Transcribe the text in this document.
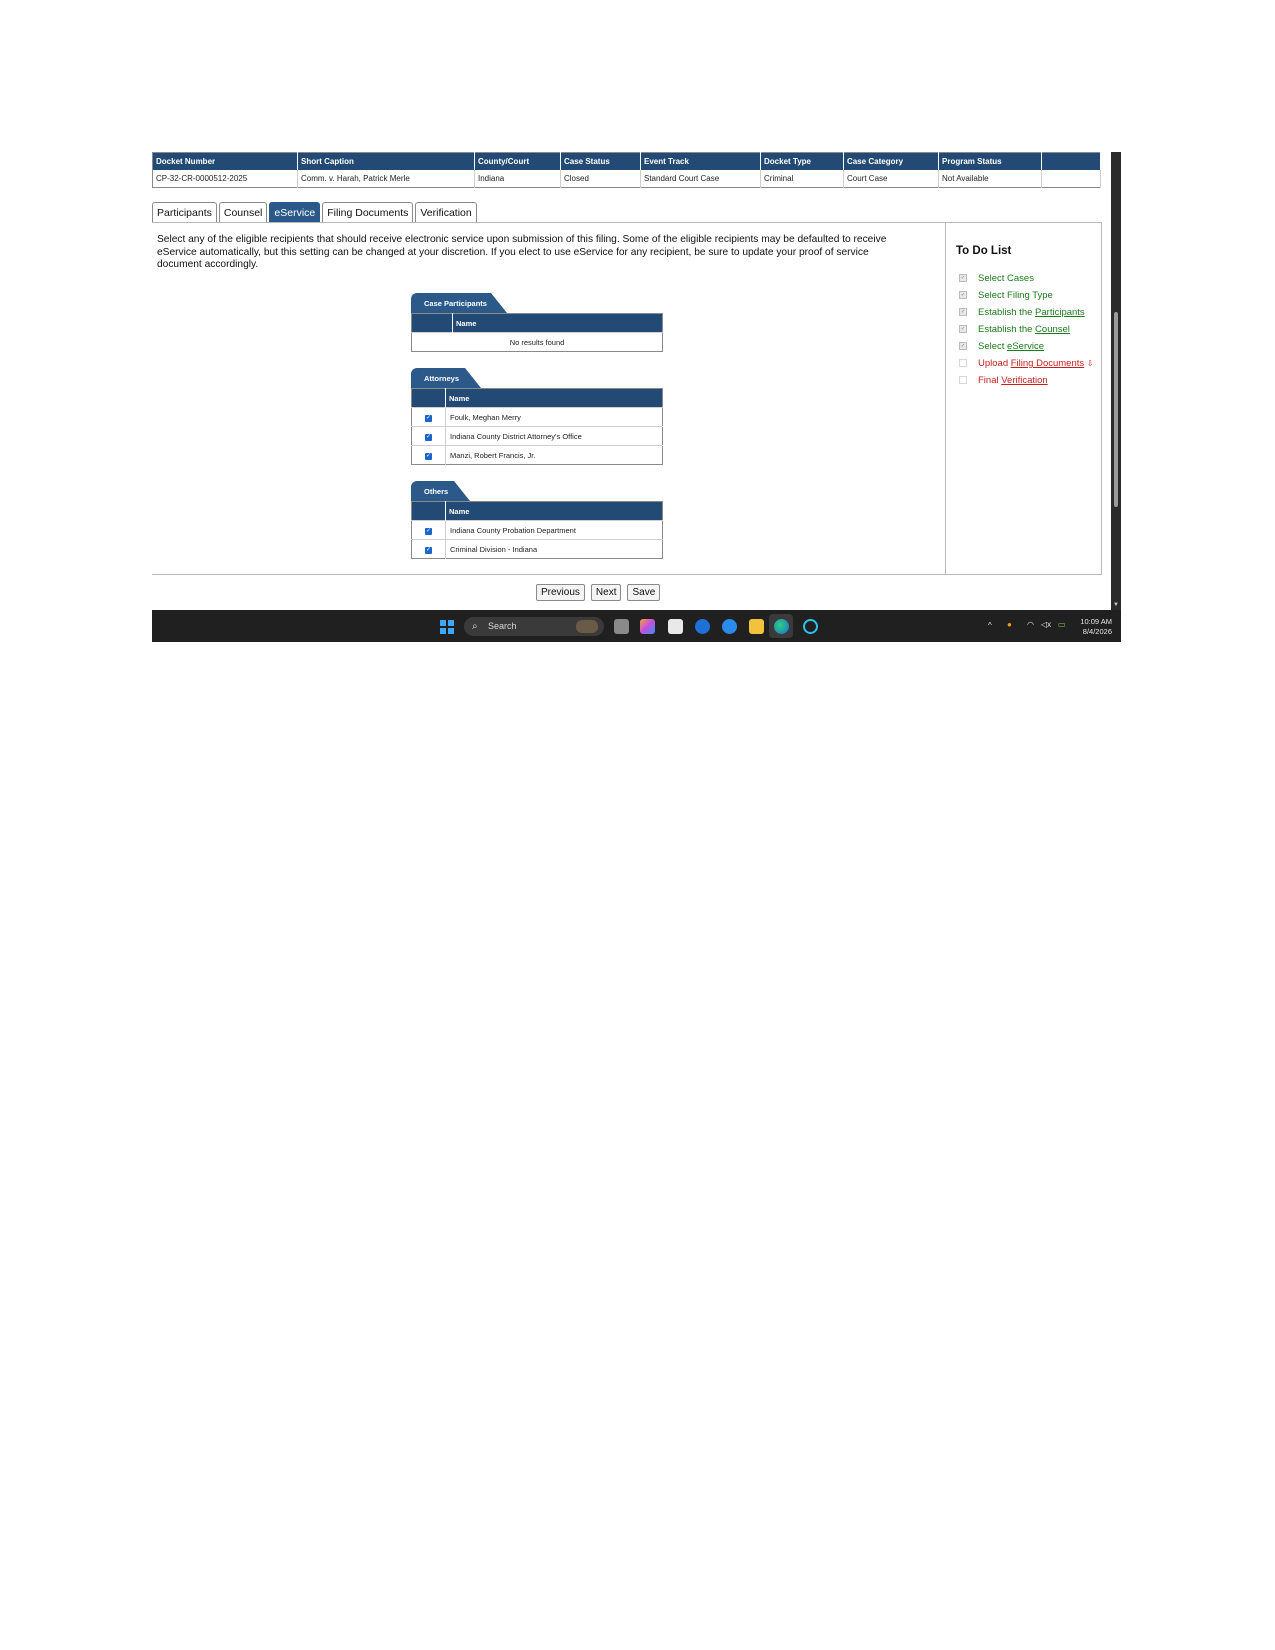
Docket Number	Short Caption	County/Court	Case Status	Event Track	Docket Type	Case Category	Program Status	
CP-32-CR-0000512-2025	Comm. v. Harah, Patrick Merle	Indiana	Closed	Standard Court Case	Criminal	Court Case	Not Available	
▼
Participants	Counsel	eService	Filing Documents	Verification
Select any of the eligible recipients that should receive electronic service upon submission of this filing. Some of the eligible recipients may be defaulted to receive eService automatically, but this setting can be changed at your discretion. If you elect to use eService for any recipient, be sure to update your proof of service document accordingly.
Case Participants
	Name
No results found
Attorneys
	Name
✓	Foulk, Meghan Merry
✓	Indiana County District Attorney's Office
✓	Manzi, Robert Francis, Jr.
Others
	Name
✓	Indiana County Probation Department
✓	Criminal Division - Indiana
To Do List
✓ Select Cases
✓ Select Filing Type
✓ Establish the Participants
✓ Establish the Counsel
✓ Select eService
Upload Filing Documents ⇩
Final Verification
Previous	Next	Save
⌕ Search	^ ● ◠ ◁x ▭	10:09 AM
8/4/2026
